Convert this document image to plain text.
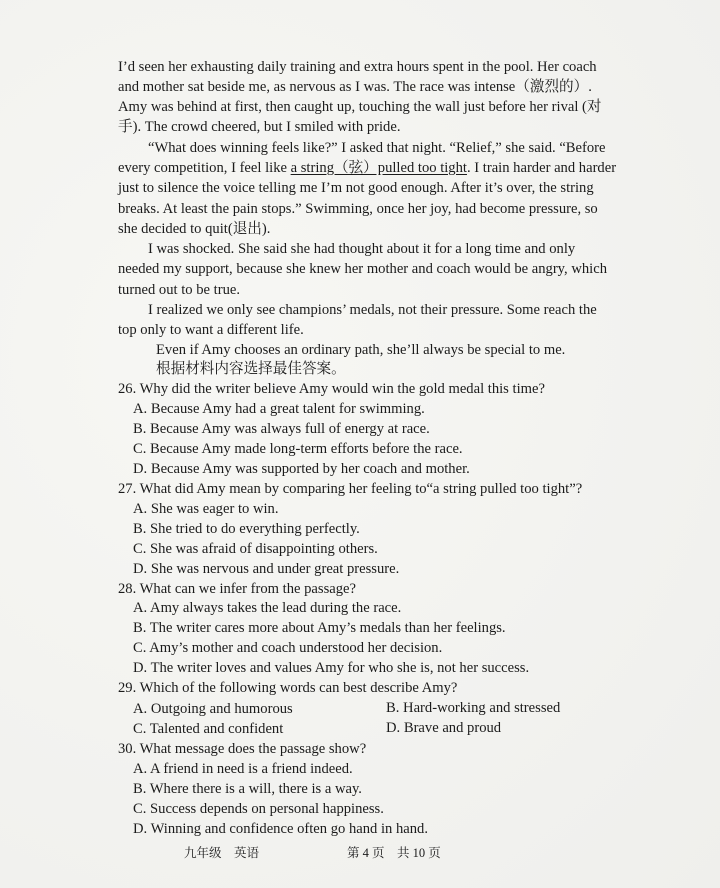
I’d seen her exhausting daily training and extra hours spent in the pool. Her coach
and mother sat beside me, as nervous as I was. The race was intense（激烈的）.
Amy was behind at first, then caught up, touching the wall just before her rival (对
手). The crowd cheered, but I smiled with pride.
“What does winning feels like?” I asked that night. “Relief,” she said. “Before
every competition, I feel like a string（弦）pulled too tight. I train harder and harder
just to silence the voice telling me I’m not good enough. After it’s over, the string
breaks. At least the pain stops.” Swimming, once her joy, had become pressure, so
she decided to quit(退出).
I was shocked. She said she had thought about it for a long time and only
needed my support, because she knew her mother and coach would be angry, which
turned out to be true.
I realized we only see champions’ medals, not their pressure. Some reach the
top only to want a different life.
Even if Amy chooses an ordinary path, she’ll always be special to me.
根据材料内容选择最佳答案。
26. Why did the writer believe Amy would win the gold medal this time?
A. Because Amy had a great talent for swimming.
B. Because Amy was always full of energy at race.
C. Because Amy made long-term efforts before the race.
D. Because Amy was supported by her coach and mother.
27. What did Amy mean by comparing her feeling to“a string pulled too tight”?
A. She was eager to win.
B. She tried to do everything perfectly.
C. She was afraid of disappointing others.
D. She was nervous and under great pressure.
28. What can we infer from the passage?
A. Amy always takes the lead during the race.
B. The writer cares more about Amy’s medals than her feelings.
C. Amy’s mother and coach understood her decision.
D. The writer loves and values Amy for who she is, not her success.
29. Which of the following words can best describe Amy?
A. Outgoing and humorous	B. Hard-working and stressed
C. Talented and confident	D. Brave and proud
30. What message does the passage show?
A. A friend in need is a friend indeed.
B. Where there is a will, there is a way.
C. Success depends on personal happiness.
D. Winning and confidence often go hand in hand.
九年级　英语	第 4 页　共 10 页
